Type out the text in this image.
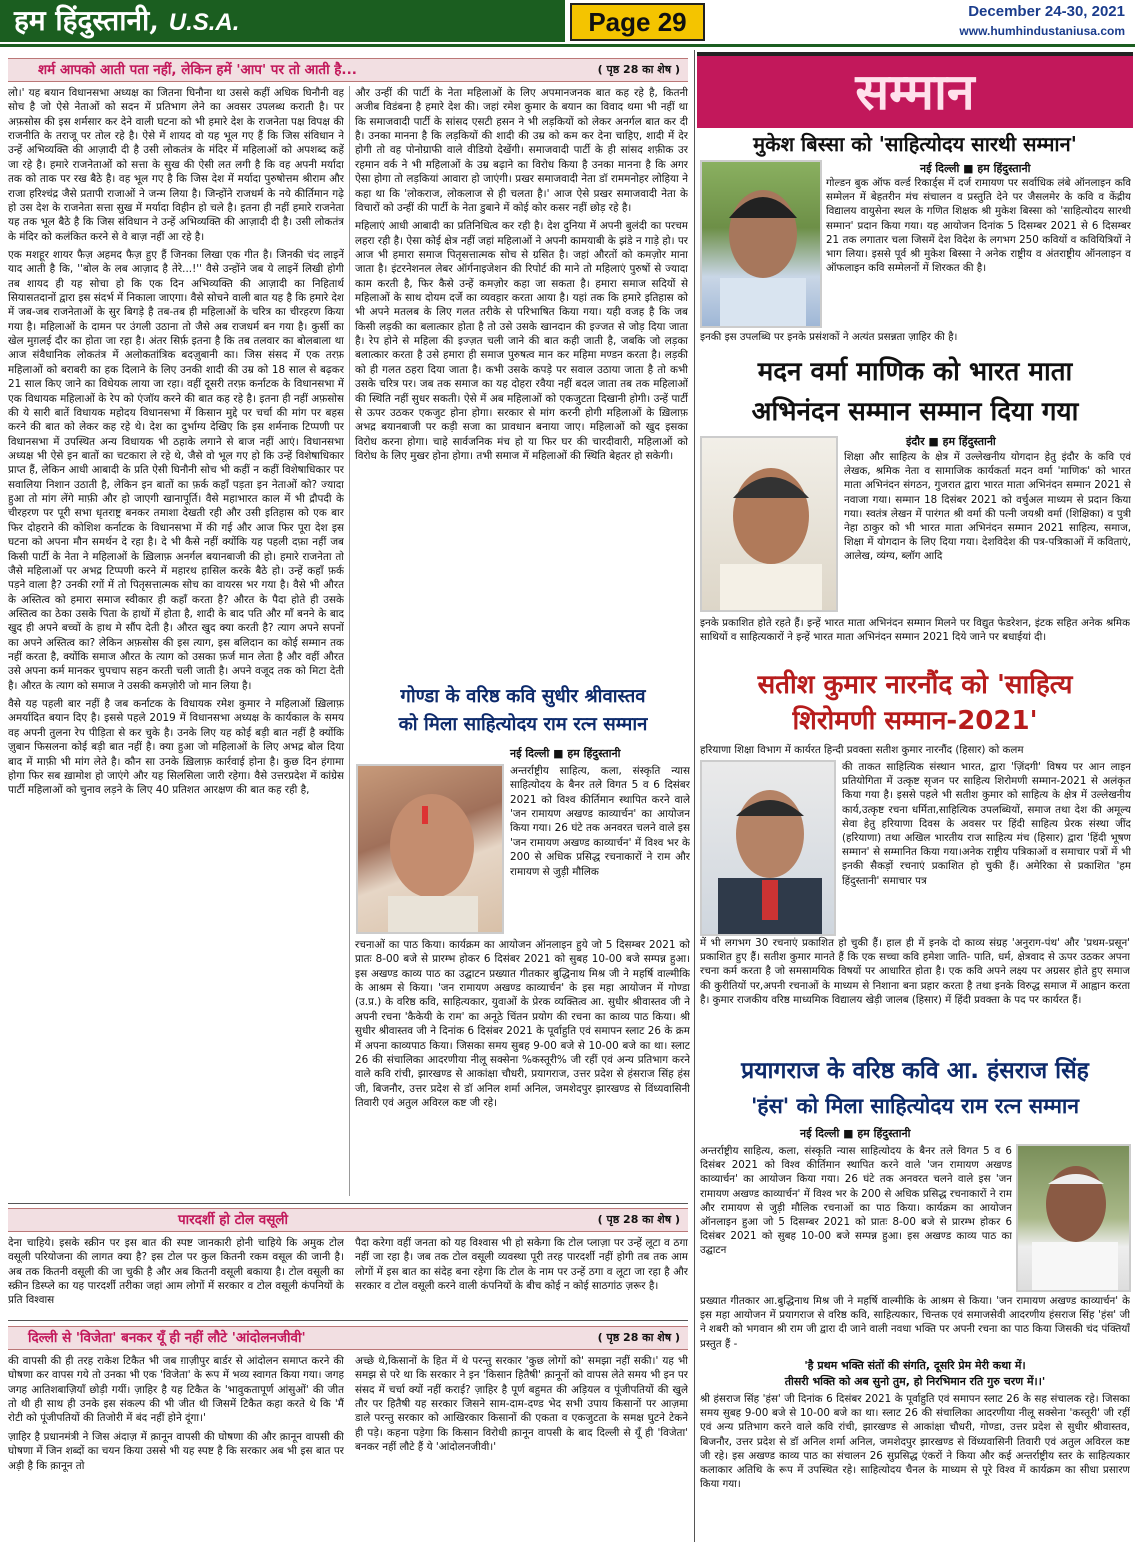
हम हिंदुस्तानी, U.S.A.	Page 29	December 24-30, 2021
www.humhindustaniusa.com
शर्म आपको आती पता नहीं, लेकिन हमें 'आप' पर तो आती है...	( पृष्ठ 28 का शेष )

लो।' यह बयान विधानसभा अध्यक्ष का जितना घिनौना था उससे कहीं अधिक घिनौनी वह सोच है जो ऐसे नेताओं को सदन में प्रतिभाग लेने का अवसर उपलब्ध कराती है। पर अफ़सोस की इस शर्मसार कर देने वाली घटना को भी हमारे देश के राजनेता पक्ष विपक्ष की राजनीति के तराजू पर तोल रहे है। ऐसे में शायद वो यह भूल गए हैं कि जिस संविधान ने उन्हें अभिव्यक्ति की आज़ादी दी है उसी लोकतंत्र के मंदिर में महिलाओं को अपशब्द कहें जा रहे है। हमारे राजनेताओं को सत्ता के सुख की ऐसी लत लगी है कि वह अपनी मर्यादा तक को ताक पर रख बैठे है। वह भूल गए है कि जिस देश में मर्यादा पुरुषोत्तम श्रीराम और राजा हरिश्चंद्र जैसे प्रतापी राजाओं ने जन्म लिया है। जिन्होंने राजधर्म के नये कीर्तिमान गढ़े हो उस देश के राजनेता सत्ता सुख में मर्यादा विहीन हो चले है। इतना ही नहीं हमारे राजनेता यह तक भूल बैठे है कि जिस संविधान ने उन्हें अभिव्यक्ति की आज़ादी दी है। उसी लोकतंत्र के मंदिर को कलंकित करने से वे बाज़ नहीं आ रहे है।

एक मशहूर शायर फैज़ अहमद फैज़ हुए हैं जिनका लिखा एक गीत है। जिनकी चंद लाइनें याद आती है कि, ''बोल के लब आज़ाद है तेरे...!'' वैसे उन्होंने जब ये लाइनें लिखी होगी तब शायद ही यह सोचा हो कि एक दिन अभिव्यक्ति की आज़ादी का निहितार्थ सियासतदानों द्वारा इस संदर्भ में निकाला जाएगा। वैसे सोचने वाली बात यह है कि हमारे देश में जब-जब राजनेताओं के सुर बिगड़े है तब-तब ही महिलाओं के चरित्र का चीरहरण किया गया है। महिलाओं के दामन पर उंगली उठाना तो जैसे अब राजधर्म बन गया है। कुर्सी का खेल मुग़लई दौर का होता जा रहा है। अंतर सिर्फ़ इतना है कि तब तलवार का बोलबाला था आज संवैधानिक लोकतंत्र में अलोकतांत्रिक बदज़ुबानी का। जिस संसद में एक तरफ़ महिलाओं को बराबरी का हक दिलाने के लिए उनकी शादी की उम्र को 18 साल से बढ़कर 21 साल किए जाने का विधेयक लाया जा रहा। वहीं दूसरी तरफ़ कर्नाटक के विधानसभा में एक विधायक महिलाओं के रेप को एंजॉय करने की बात कह रहे है। इतना ही नहीं अफ़सोस की ये सारी बातें विधायक महोदय विधानसभा में किसान मुद्दे पर चर्चा की मांग पर बहस करने की बात को लेकर कह रहे थे। देश का दुर्भाग्य देखिए कि इस शर्मनाक टिप्पणी पर विधानसभा में उपस्थित अन्य विधायक भी ठहाके लगाने से बाज नहीं आएं। विधानसभा अध्यक्ष भी ऐसे इन बातों का चटकारा ले रहे थे, जैसे वो भूल गए हो कि उन्हें विशेषाधिकार प्राप्त हैं, लेकिन आधी आबादी के प्रति ऐसी घिनौनी सोच भी कहीं न कहीं विशेषाधिकार पर सवालिया निशान उठाती है, लेकिन इन बातों का फ़र्क कहाँ पड़ता इन नेताओं को? ज्यादा हुआ तो मांग लेंगे माफ़ी और हो जाएगी खानापूर्ति। वैसे महाभारत काल में भी द्रौपदी के चीरहरण पर पूरी सभा धृतराष्ट्र बनकर तमाशा देखती रही और उसी इतिहास को एक बार फिर दोहराने की कोशिश कर्नाटक के विधानसभा में की गई और आज फिर पूरा देश इस घटना को अपना मौन समर्थन दे रहा है। दे भी कैसे नहीं क्योंकि यह पहली दफ़ा नहीं जब किसी पार्टी के नेता ने महिलाओं के ख़िलाफ़ अनर्गल बयानबाजी की हो। हमारे राजनेता तो जैसे महिलाओं पर अभद्र टिप्पणी करने में महारथ हासिल करके बैठे हो। उन्हें कहाँ फ़र्क पड़ने वाला है? उनकी रगों में तो पितृसत्तात्मक सोच का वायरस भर गया है। वैसे भी औरत के अस्तित्व को हमारा समाज स्वीकार ही कहाँ करता है? औरत के पैदा होते ही उसके अस्तित्व का ठेका उसके पिता के हाथों में होता है, शादी के बाद पति और माँ बनने के बाद खुद ही अपने बच्चों के हाथ मे सौंप देती है। औरत खुद क्या करती है? त्याग अपने सपनों का अपने अस्तित्व का? लेकिन अफ़सोस की इस त्याग, इस बलिदान का कोई सम्मान तक नहीं करता है, क्योंकि समाज औरत के त्याग को उसका फ़र्ज मान लेता है और वहीं औरत उसे अपना कर्म मानकर चुपचाप सहन करती चली जाती है। अपने वजूद तक को मिटा देती है। औरत के त्याग को समाज ने उसकी कमज़ोरी जो मान लिया है।

वैसे यह पहली बार नहीं है जब कर्नाटक के विधायक रमेश कुमार ने महिलाओं ख़िलाफ़ अमर्यादित बयान दिए है। इससे पहले 2019 में विधानसभा अध्यक्ष के कार्यकाल के समय वह अपनी तुलना रेप पीड़िता से कर चुके है। उनके लिए यह कोई बड़ी बात नहीं है क्योंकि ज़ुबान फिसलना कोई बड़ी बात नहीं है। क्या हुआ जो महिलाओं के लिए अभद्र बोल दिया बाद में माफ़ी भी मांग लेते है। कौन सा उनके ख़िलाफ़ कार्रवाई होना है। कुछ दिन हंगामा होगा फिर सब ख़ामोश हो जाएंगे और यह सिलसिला जारी रहेगा। वैसे उत्तरप्रदेश में कांग्रेस पार्टी महिलाओं को चुनाव लड़ने के लिए 40 प्रतिशत आरक्षण की बात कह रही है,

और उन्हीं की पार्टी के नेता महिलाओं के लिए अपमानजनक बात कह रहे है, कितनी अजीब विडंबना है हमारे देश की। जहां रमेश कुमार के बयान का विवाद थमा भी नहीं था कि समाजवादी पार्टी के सांसद एसटी हसन ने भी लड़कियों को लेकर अनर्गल बात कर दी है। उनका मानना है कि लड़कियों की शादी की उम्र को कम कर देना चाहिए, शादी में देर होगी तो वह पोनोग्राफी वाले वीडियो देखेंगी। समाजवादी पार्टी के ही सांसद शफ़ीक उर रहमान वर्क ने भी महिलाओं के उम्र बढ़ाने का विरोध किया है उनका मानना है कि अगर ऐसा होगा तो लड़कियां आवारा हो जाएंगी। प्रखर समाजवादी नेता डॉ राममनोहर लोहिया ने कहा था कि 'लोकराज, लोकलाज से ही चलता है।' आज ऐसे प्रखर समाजवादी नेता के विचारों को उन्हीं की पार्टी के नेता डुबाने में कोई कोर कसर नहीं छोड़ रहे है।

महिलाएं आधी आबादी का प्रतिनिधित्व कर रही है। देश दुनिया में अपनी बुलंदी का परचम लहरा रही है। ऐसा कोई क्षेत्र नहीं जहां महिलाओं ने अपनी कामयाबी के झंडे न गाड़े हो। पर आज भी हमारा समाज पितृसत्तात्मक सोच से ग्रसित है। जहां औरतों को कमज़ोर माना जाता है। इंटरनेशनल लेबर ऑर्गनाइजेशन की रिपोर्ट की माने तो महिलाएं पुरुषों से ज्यादा काम करती है, फिर कैसे उन्हें कमज़ोर कहा जा सकता है। हमारा समाज सदियों से महिलाओं के साथ दोयम दर्जे का व्यवहार करता आया है। यहां तक कि हमारे इतिहास को भी अपने मतलब के लिए गलत तरीके से परिभाषित किया गया। यही वजह है कि जब किसी लड़की का बलात्कार होता है तो उसे उसके खानदान की इज्जत से जोड़ दिया जाता है। रेप होने से महिला की इज्ज़त चली जाने की बात कही जाती है, जबकि जो लड़का बलात्कार करता है उसे हमारा ही समाज पुरुषत्व मान कर महिमा मण्डन करता है। लड़की को ही गलत ठहरा दिया जाता है। कभी उसके कपड़े पर सवाल उठाया जाता है तो कभी उसके चरित्र पर। जब तक समाज का यह दोहरा रवैया नहीं बदल जाता तब तक महिलाओं की स्थिति नहीं सुधर सकती। ऐसे में अब महिलाओं को एकजुटता दिखानी होगी। उन्हें पार्टी से ऊपर उठकर एकजुट होना होगा। सरकार से मांग करनी होगी महिलाओं के ख़िलाफ़ अभद्र बयानबाजी पर कड़ी सजा का प्रावधान बनाया जाए। महिलाओं को खुद इसका विरोध करना होगा। चाहे सार्वजनिक मंच हो या फिर घर की चारदीवारी, महिलाओं को विरोध के लिए मुखर होना होगा। तभी समाज में महिलाओं की स्थिति बेहतर हो सकेगी।

गोण्डा के वरिष्ठ कवि सुधीर श्रीवास्तव
को मिला साहित्योदय राम रत्न सम्मान
नई दिल्ली ■ हम हिंदुस्तानी
अन्तर्राष्ट्रीय साहित्य, कला, संस्कृति न्यास साहित्योदय के बैनर तले विगत 5 व 6 दिसंबर 2021 को विश्व कीर्तिमान स्थापित करने वाले 'जन रामायण अखण्ड काव्यार्चन' का आयोजन किया गया। 26 घंटे तक अनवरत चलने वाले इस 'जन रामायण अखण्ड काव्यार्चन' में विश्व भर के 200 से अधिक प्रसिद्ध रचनाकारों ने राम और रामायण से जुड़ी मौलिक
रचनाओं का पाठ किया। कार्यक्रम का आयोजन ऑनलाइन हुये जो 5 दिसम्बर 2021 को प्रातः 8-00 बजे से प्रारम्भ होकर 6 दिसंबर 2021 को सुबह 10-00 बजे सम्पन्न हुआ। इस अखण्ड काव्य पाठ का उद्घाटन प्रख्यात गीतकार बुद्धिनाथ मिश्र जी ने महर्षि वाल्मीकि के आश्रम से किया। 'जन रामायण अखण्ड काव्यार्चन' के इस महा आयोजन में गोण्डा (उ.प्र.) के वरिष्ठ कवि, साहित्यकार, युवाओं के प्रेरक व्यक्तित्व आ. सुधीर श्रीवास्तव जी ने अपनी रचना 'कैकेयी के राम' का अनूठे चिंतन प्रयोग की रचना का काव्य पाठ किया। श्री सुधीर श्रीवास्तव जी ने दिनांक 6 दिसंबर 2021 के पूर्वाहुति एवं समापन स्लाट 26 के क्रम में अपना काव्यपाठ किया। जिसका समय सुबह 9-00 बजे से 10-00 बजे का था। स्लाट 26 की संचालिका आदरणीया नीलू सक्सेना %कस्तूरी% जी रहीं एवं अन्य प्रतिभाग करने वाले कवि रांची, झारखण्ड से आकांक्षा चौधरी, प्रयागराज, उत्तर प्रदेश से हंसराज सिंह हंस जी, बिजनौर, उत्तर प्रदेश से डॉ अनिल शर्मा अनिल, जमशेदपुर झारखण्ड से विंध्यवासिनी तिवारी एवं अतुल अविरल कष्ट जी रहे।
पारदर्शी हो टोल वसूली	( पृष्ठ 28 का शेष )
देना चाहिये। इसके स्क्रीन पर इस बात की स्पष्ट जानकारी होनी चाहिये कि अमुक टोल वसूली परियोजना की लागत क्या है? इस टोल पर कुल कितनी रकम वसूल की जानी है। अब तक कितनी वसूली की जा चुकी है और अब कितनी वसूली बकाया है। टोल वसूली का स्क्रीन डिस्प्ले का यह पारदर्शी तरीका जहां आम लोगों में सरकार व टोल वसूली कंपनियों के प्रति विश्वास
पैदा करेगा वहीं जनता को यह विश्वास भी हो सकेगा कि टोल प्लाज़ा पर उन्हें लूटा व ठगा नहीं जा रहा है। जब तक टोल वसूली व्यवस्था पूरी तरह पारदर्शी नहीं होगी तब तक आम लोगों में इस बात का संदेह बना रहेगा कि टोल के नाम पर उन्हें ठगा व लूटा जा रहा है और सरकार व टोल वसूली करने वाली कंपनियों के बीच कोई न कोई साठगांठ ज़रूर है।
दिल्ली से 'विजेता' बनकर यूँ ही नहीं लौटे 'आंदोलनजीवी'	( पृष्ठ 28 का शेष )

की वापसी की ही तरह राकेश टिकैत भी जब ग़ाज़ीपुर बार्डर से आंदोलन समाप्त करने की घोषणा कर वापस गये तो उनका भी एक 'विजेता' के रूप में भव्य स्वागत किया गया। जगह जगह आतिशबाज़ियाँ छोड़ी गयीं। ज़ाहिर है यह टिकैत के 'भावुकतापूर्ण आंसुओं' की जीत तो थी ही साथ ही उनके इस संकल्प की भी जीत थी जिसमें टिकैत कहा करते थे कि 'मैं रोटी को पूंजीपतियों की तिजोरी में बंद नहीं होने दूंगा।'

ज़ाहिर है प्रधानमंत्री ने जिस अंदाज़ में क़ानून वापसी की घोषणा की और क़ानून वापसी की घोषणा में जिन शब्दों का चयन किया उससे भी यह स्पष्ट है कि सरकार अब भी इस बात पर अड़ी है कि क़ानून तो

अच्छे थे,किसानों के हित में थे परन्तु सरकार 'कुछ लोगों को' समझा नहीं सकी।' यह भी समझ से परे था कि सरकार ने इन 'किसान हितैषी' क़ानूनों को वापस लेते समय भी इन पर संसद में चर्चा क्यों नहीं कराई? ज़ाहिर है पूर्ण बहुमत की अड़ियल व पूंजीपतियों की खुले तौर पर हितैषी यह सरकार जिसने साम-दाम-दण्ड भेद सभी उपाय किसानों पर आज़मा डाले परन्तु सरकार को आखिरकार किसानों की एकता व एकजुटता के समक्ष घुटने टेकने ही पड़े। कहना पड़ेगा कि किसान विरोधी क़ानून वापसी के बाद दिल्ली से यूँ ही 'विजेता' बनकर नहीं लौटे हैं ये 'आंदोलनजीवी।'
सम्मान
मुकेश बिस्सा को 'साहित्योदय सारथी सम्मान'
नई दिल्ली ■ हम हिंदुस्तानी
गोल्डन बुक ऑफ वर्ल्ड रिकार्ड्स में दर्ज रामायण पर सर्वाधिक लंबे ऑनलाइन कवि सम्मेलन में बेहतरीन मंच संचालन व प्रस्तुति देने पर जैसलमेर के कवि व केंद्रीय विद्यालय वायुसेना स्थल के गणित शिक्षक श्री मुकेश बिस्सा को 'साहित्योदय सारथी सम्मान' प्रदान किया गया। यह आयोजन दिनांक 5 दिसम्बर 2021 से 6 दिसम्बर 21 तक लगातार चला जिसमें देश विदेश के लगभग 250 कवियों व कवियित्रियों ने भाग लिया। इससे पूर्व श्री मुकेश बिस्सा ने अनेक राष्ट्रीय व अंतराष्ट्रीय ऑनलाइन व ऑफलाइन कवि सम्मेलनों में शिरकत की है।
इनकी इस उपलब्धि पर इनके प्रसंशकों ने अत्यंत प्रसन्नता ज़ाहिर की है।
मदन वर्मा माणिक को भारत माता
अभिनंदन सम्मान सम्मान दिया गया
इंदौर ■ हम हिंदुस्तानी
शिक्षा और साहित्य के क्षेत्र में उल्लेखनीय योगदान हेतु इंदौर के कवि एवं लेखक, श्रमिक नेता व सामाजिक कार्यकर्ता मदन वर्मा 'माणिक' को भारत माता अभिनंदन संगठन, गुजरात द्वारा भारत माता अभिनंदन सम्मान 2021 से नवाजा गया। सम्मान 18 दिसंबर 2021 को वर्चुअल माध्यम से प्रदान किया गया। स्वतंत्र लेखन में पारंगत श्री वर्मा की पत्नी जयश्री वर्मा (शिक्षिका) व पुत्री नेहा ठाकुर को भी भारत माता अभिनंदन सम्मान 2021 साहित्य, समाज, शिक्षा में योगदान के लिए दिया गया। देशविदेश की पत्र-पत्रिकाओं में कविताएं, आलेख, व्यंग्य, ब्लॉग आदि
इनके प्रकाशित होते रहते हैं। इन्हें भारत माता अभिनंदन सम्मान मिलने पर विद्युत फेडरेशन, इंटक सहित अनेक श्रमिक साथियों व साहित्यकारों ने इन्हें भारत माता अभिनंदन सम्मान 2021 दिये जाने पर बधाईयां दी।
सतीश कुमार नारनौंद को 'साहित्य
शिरोमणी सम्मान-2021'
हरियाणा शिक्षा विभाग में कार्यरत हिन्दी प्रवक्ता सतीश कुमार नारनौंद (हिसार) को कलम
की ताकत साहित्यिक संस्थान भारत, द्वारा 'ज़िंदगी' विषय पर आन लाइन प्रतियोगिता में उत्कृष्ट सृजन पर साहित्य शिरोमणी सम्मान-2021 से अलंकृत किया गया है। इससे पहले भी सतीश कुमार को साहित्य के क्षेत्र में उल्लेखनीय कार्य,उत्कृष्ट रचना धर्मिता,साहित्यिक उपलब्धियों, समाज तथा देश की अमूल्य सेवा हेतु हरियाणा दिवस के अवसर पर हिंदी साहित्य प्रेरक संस्था जींद (हरियाणा) तथा अखिल भारतीय राज साहित्य मंच (हिसार) द्वारा 'हिंदी भूषण सम्मान' से सम्मानित किया गया।अनेक राष्ट्रीय पत्रिकाओं व समाचार पत्रों में भी इनकी सैकड़ों रचनाएं प्रकाशित हो चुकी हैं। अमेरिका से प्रकाशित 'हम हिंदुस्तानी' समाचार पत्र
में भी लगभग 30 रचनाएं प्रकाशित हो चुकी हैं। हाल ही में इनके दो काव्य संग्रह 'अनुराग-पंथ' और 'प्रथम-प्रसून' प्रकाशित हुए हैं। सतीश कुमार मानते हैं कि एक सच्चा कवि हमेशा जाति- पाति, धर्म, क्षेत्रवाद से ऊपर उठकर अपना रचना कर्म करता है जो समसामयिक विषयों पर आधारित होता है। एक कवि अपने लक्ष्य पर अग्रसर होते हुए समाज की कुरीतियों पर,अपनी रचनाओं के माध्यम से निशाना बना प्रहार करता है तथा इनके विरुद्ध समाज में आह्वान करता है। कुमार राजकीय वरिष्ठ माध्यमिक विद्यालय खेड़ी जालब (हिसार) में हिंदी प्रवक्ता के पद पर कार्यरत हैं।
प्रयागराज के वरिष्ठ कवि आ. हंसराज सिंह
'हंस' को मिला साहित्योदय राम रत्न सम्मान
नई दिल्ली ■ हम हिंदुस्तानी
अन्तर्राष्ट्रीय साहित्य, कला, संस्कृति न्यास साहित्योदय के बैनर तले विगत 5 व 6 दिसंबर 2021 को विश्व कीर्तिमान स्थापित करने वाले 'जन रामायण अखण्ड काव्यार्चन' का आयोजन किया गया। 26 घंटे तक अनवरत चलने वाले इस 'जन रामायण अखण्ड काव्यार्चन' में विश्व भर के 200 से अधिक प्रसिद्ध रचनाकारों ने राम और रामायण से जुड़ी मौलिक रचनाओं का पाठ किया। कार्यक्रम का आयोजन ऑनलाइन हुआ जो 5 दिसम्बर 2021 को प्रातः 8-00 बजे से प्रारम्भ होकर 6 दिसंबर 2021 को सुबह 10-00 बजे सम्पन्न हुआ। इस अखण्ड काव्य पाठ का उद्घाटन
प्रख्यात गीतकार आ.बुद्धिनाथ मिश्र जी ने महर्षि वाल्मीकि के आश्रम से किया। 'जन रामायण अखण्ड काव्यार्चन' के इस महा आयोजन में प्रयागराज से वरिष्ठ कवि, साहित्यकार, चिन्तक एवं समाजसेवी आदरणीय हंसराज सिंह 'हंस' जी ने शबरी को भगवान श्री राम जी द्वारा दी जाने वाली नवधा भक्ति पर अपनी रचना का पाठ किया जिसकी चंद पंक्तियाँ प्रस्तुत हैं -
'है प्रथम भक्ति संतों की संगति, दूसरि प्रेम मेरी कथा में।
तीसरी भक्ति को अब सुनो तुम, हो निरभिमान रति गुरु चरण में।।'
श्री हंसराज सिंह 'हंस' जी दिनांक 6 दिसंबर 2021 के पूर्वाहुति एवं समापन स्लाट 26 के सह संचालक रहे। जिसका समय सुबह 9-00 बजे से 10-00 बजे का था। स्लाट 26 की संचालिका आदरणीया नीलू सक्सेना 'कस्तूरी' जी रहीं एवं अन्य प्रतिभाग करने वाले कवि रांची, झारखण्ड से आकांक्षा चौधरी, गोण्डा, उत्तर प्रदेश से सुधीर श्रीवास्तव, बिजनौर, उत्तर प्रदेश से डॉ अनिल शर्मा अनिल, जमशेदपुर झारखण्ड से विंध्यवासिनी तिवारी एवं अतुल अविरल कष्ट जी रहे। इस अखण्ड काव्य पाठ का संचालन 26 सुप्रसिद्ध एंकरों ने किया और कई अन्तर्राष्ट्रीय स्तर के साहित्यकार कलाकार अतिथि के रूप में उपस्थित रहे। साहित्योदय चैनल के माध्यम से पूरे विश्व में कार्यक्रम का सीधा प्रसारण किया गया।
